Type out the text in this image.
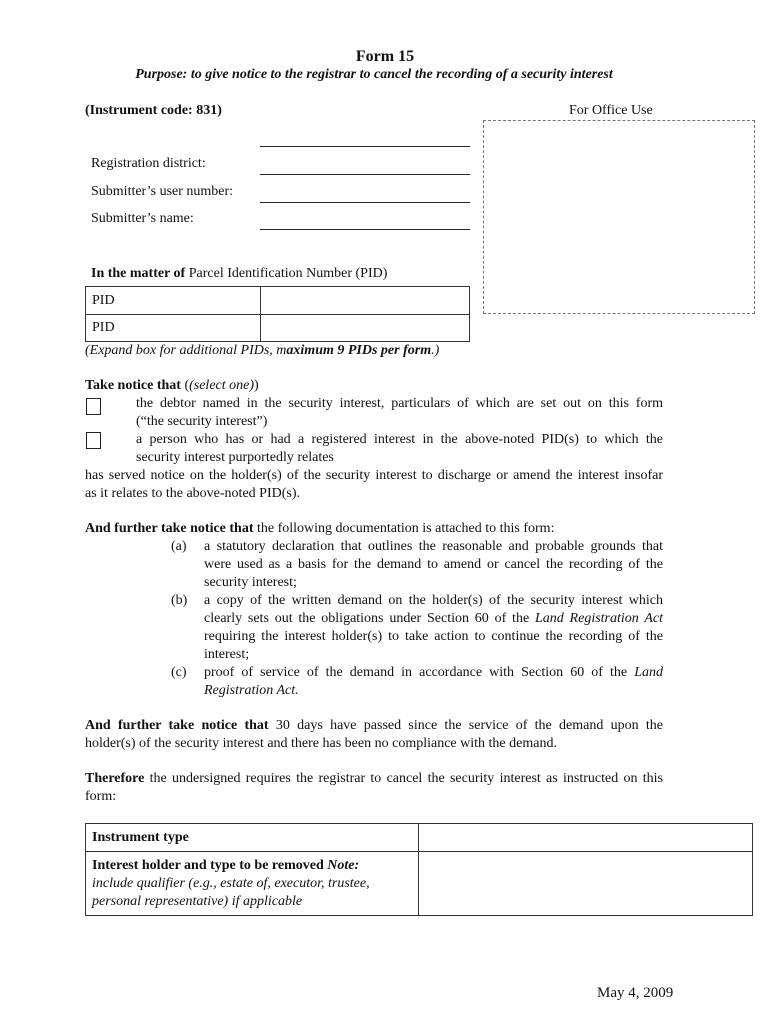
Form 15
Purpose: to give notice to the registrar to cancel the recording of a security interest
(Instrument code: 831)	For Office Use
Registration district:
Submitter’s user number:
Submitter’s name:
In the matter of Parcel Identification Number (PID)
PID	
PID	
(Expand box for additional PIDs, maximum 9 PIDs per form.)
Take notice that ((select one))
the debtor named in the security interest, particulars of which are set out on this form
(“the security interest”)
a person who has or had a registered interest in the above-noted PID(s) to which the
security interest purportedly relates
has served notice on the holder(s) of the security interest to discharge or amend the interest insofar
as it relates to the above-noted PID(s).
And further take notice that the following documentation is attached to this form:
(a) a statutory declaration that outlines the reasonable and probable grounds that
were used as a basis for the demand to amend or cancel the recording of the
security interest;
(b) a copy of the written demand on the holder(s) of the security interest which
clearly sets out the obligations under Section 60 of the Land Registration Act
requiring the interest holder(s) to take action to continue the recording of the
interest;
(c) proof of service of the demand in accordance with Section 60 of the Land
Registration Act.
And further take notice that 30 days have passed since the service of the demand upon the
holder(s) of the security interest and there has been no compliance with the demand.
Therefore the undersigned requires the registrar to cancel the security interest as instructed on this
form:
Instrument type	

Interest holder and type to be removed Note:
include qualifier (e.g., estate of, executor, trustee,
personal representative) if applicable	

May 4, 2009
